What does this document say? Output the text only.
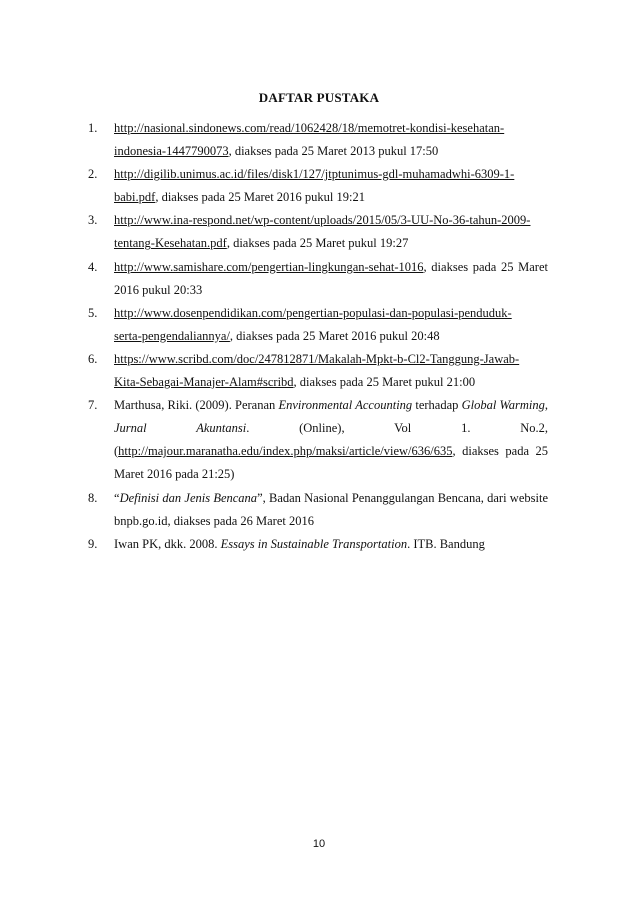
DAFTAR PUSTAKA
1. http://nasional.sindonews.com/read/1062428/18/memotret-kondisi-kesehatan-
indonesia-1447790073, diakses pada 25 Maret 2013 pukul 17:50
2. http://digilib.unimus.ac.id/files/disk1/127/jtptunimus-gdl-muhamadwhi-6309-1-
babi.pdf, diakses pada 25 Maret 2016 pukul 19:21
3. http://www.ina-respond.net/wp-content/uploads/2015/05/3-UU-No-36-tahun-2009-
tentang-Kesehatan.pdf, diakses pada 25 Maret pukul 19:27
4. http://www.samishare.com/pengertian-lingkungan-sehat-1016, diakses pada 25 Maret 2016 pukul 20:33
5. http://www.dosenpendidikan.com/pengertian-populasi-dan-populasi-penduduk-
serta-pengendaliannya/, diakses pada 25 Maret 2016 pukul 20:48
6. https://www.scribd.com/doc/247812871/Makalah-Mpkt-b-Cl2-Tanggung-Jawab-
Kita-Sebagai-Manajer-Alam#scribd, diakses pada 25 Maret pukul 21:00
7. Marthusa, Riki. (2009). Peranan Environmental Accounting terhadap Global Warming, Jurnal Akuntansi. (Online), Vol 1. No.2, (http://majour.maranatha.edu/index.php/maksi/article/view/636/635, diakses pada 25 Maret 2016 pada 21:25)
8. “Definisi dan Jenis Bencana”, Badan Nasional Penanggulangan Bencana, dari website bnpb.go.id, diakses pada 26 Maret 2016
9. Iwan PK, dkk. 2008. Essays in Sustainable Transportation. ITB. Bandung
10
